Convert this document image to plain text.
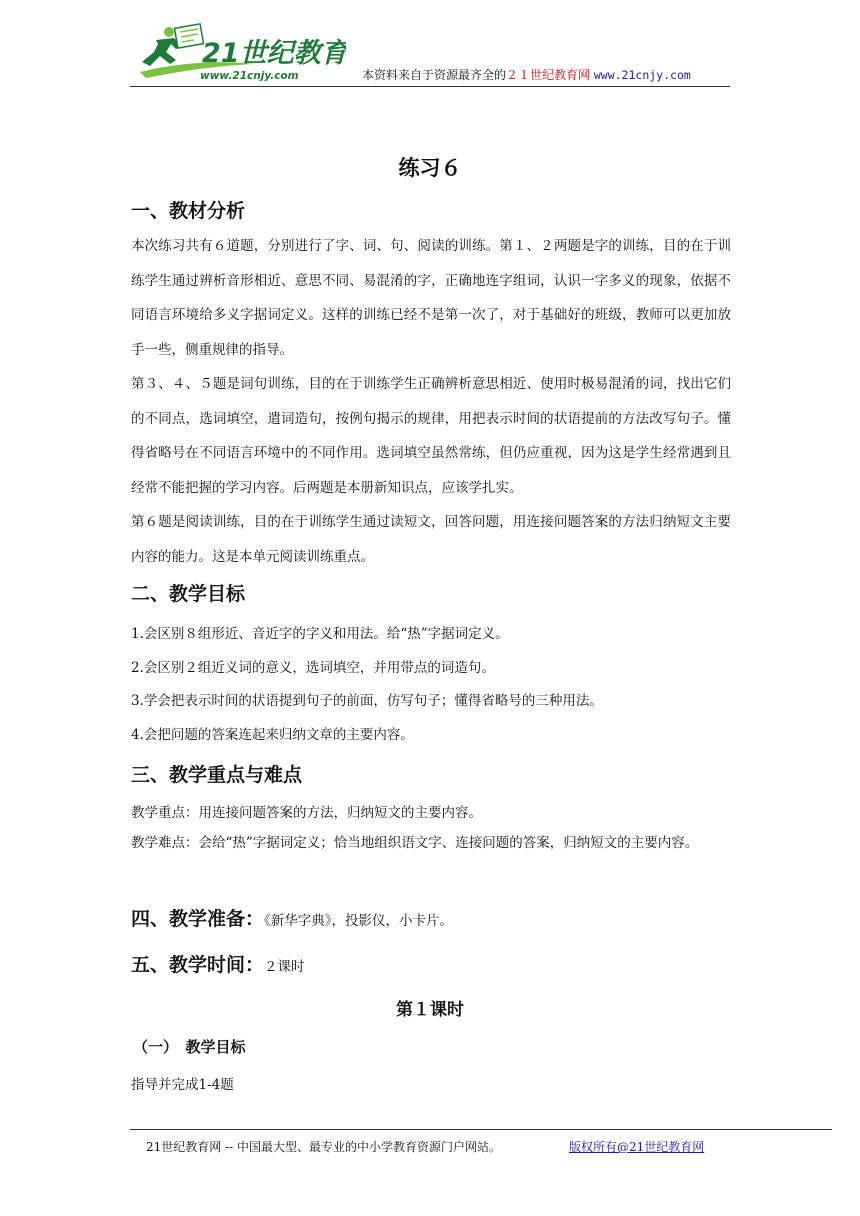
21世纪教育
www.21cnjy.com	本资料来自于资源最齐全的２１世纪教育网 www.21cnjy.com
练习６
一、教材分析
本次练习共有６道题，分别进行了字、词、句、阅读的训练。第１、２两题是字的训练，目的在于训练学生通过辨析音形相近、意思不同、易混淆的字，正确地连字组词，认识一字多义的现象，依据不同语言环境给多义字据词定义。这样的训练已经不是第一次了，对于基础好的班级，教师可以更加放手一些，侧重规律的指导。
第３、４、５题是词句训练，目的在于训练学生正确辨析意思相近、使用时极易混淆的词，找出它们的不同点，选词填空，遣词造句，按例句揭示的规律，用把表示时间的状语提前的方法改写句子。懂得省略号在不同语言环境中的不同作用。选词填空虽然常练，但仍应重视，因为这是学生经常遇到且经常不能把握的学习内容。后两题是本册新知识点，应该学扎实。
第６题是阅读训练，目的在于训练学生通过读短文，回答问题，用连接问题答案的方法归纳短文主要内容的能力。这是本单元阅读训练重点。
二、教学目标
1.会区别８组形近、音近字的字义和用法。给“热”字据词定义。
2.会区别２组近义词的意义，选词填空，并用带点的词造句。
3.学会把表示时间的状语提到句子的前面，仿写句子；懂得省略号的三种用法。
4.会把问题的答案连起来归纳文章的主要内容。
三、教学重点与难点
教学重点：用连接问题答案的方法，归纳短文的主要内容。
教学难点：会给“热”字据词定义；恰当地组织语文字、连接问题的答案，归纳短文的主要内容。
四、教学准备：《新华字典》，投影仪，小卡片。
五、教学时间：２课时
第１课时
（一）　教学目标
指导并完成1-4题
21世纪教育网 -- 中国最大型、最专业的中小学教育资源门户网站。	版权所有@21世纪教育网
